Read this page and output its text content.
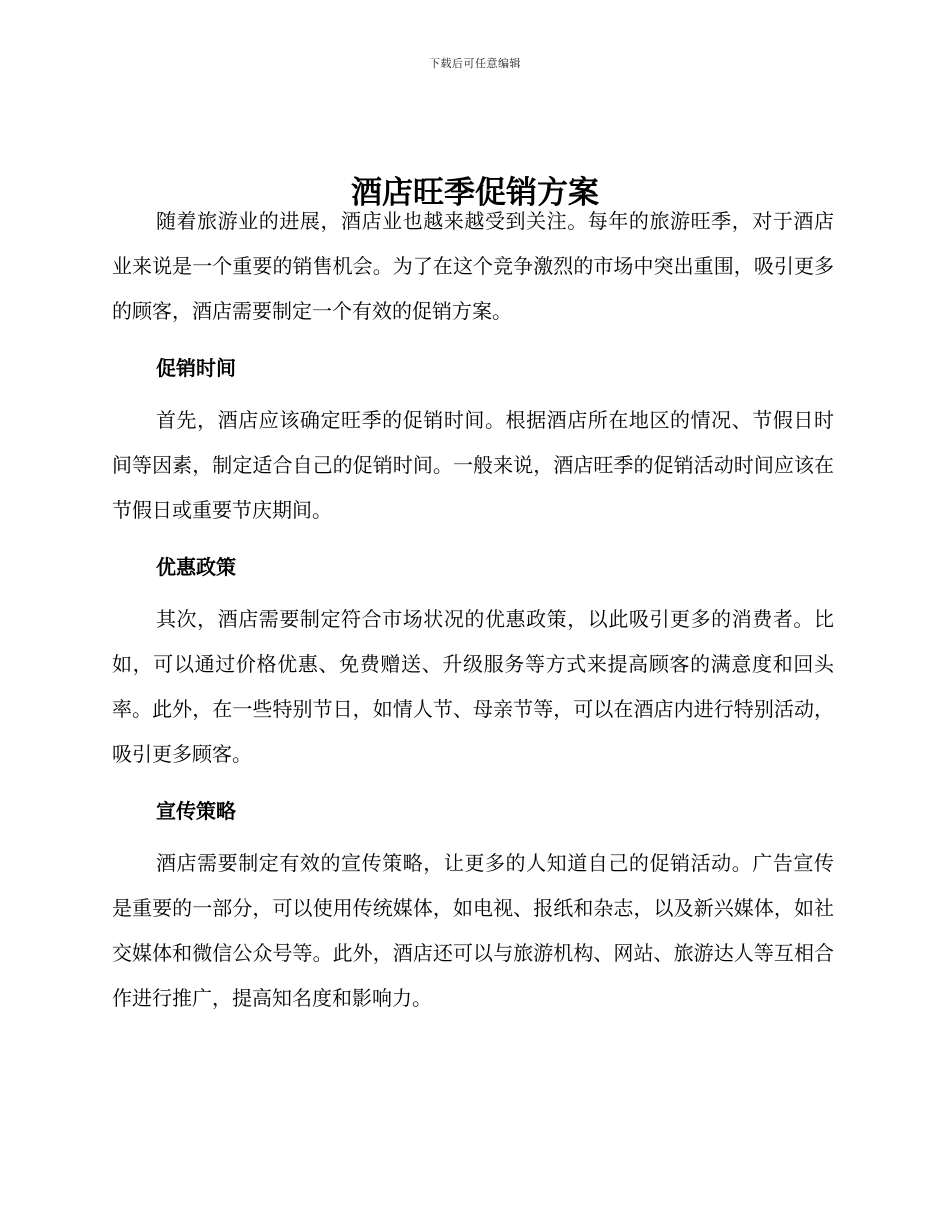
下载后可任意编辑
酒店旺季促销方案

随着旅游业的进展，酒店业也越来越受到关注。每年的旅游旺季，对于酒店业来说是一个重要的销售机会。为了在这个竞争激烈的市场中突出重围，吸引更多的顾客，酒店需要制定一个有效的促销方案。

促销时间

首先，酒店应该确定旺季的促销时间。根据酒店所在地区的情况、节假日时间等因素，制定适合自己的促销时间。一般来说，酒店旺季的促销活动时间应该在节假日或重要节庆期间。

优惠政策

其次，酒店需要制定符合市场状况的优惠政策，以此吸引更多的消费者。比如，可以通过价格优惠、免费赠送、升级服务等方式来提高顾客的满意度和回头率。此外，在一些特别节日，如情人节、母亲节等，可以在酒店内进行特别活动，吸引更多顾客。

宣传策略

酒店需要制定有效的宣传策略，让更多的人知道自己的促销活动。广告宣传是重要的一部分，可以使用传统媒体，如电视、报纸和杂志，以及新兴媒体，如社交媒体和微信公众号等。此外，酒店还可以与旅游机构、网站、旅游达人等互相合作进行推广，提高知名度和影响力。
